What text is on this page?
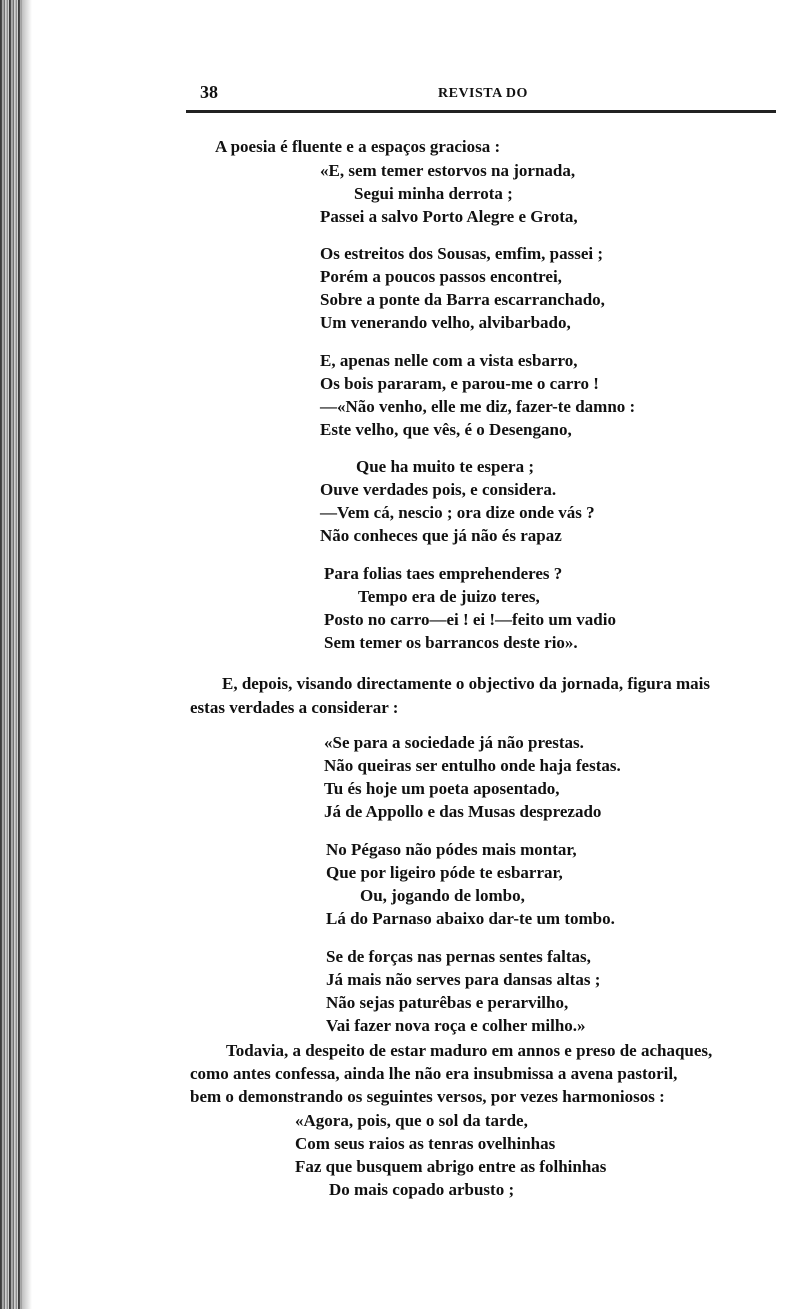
38	REVISTA DO
A poesia é fluente e a espaços graciosa :
«E, sem temer estorvos na jornada,
Segui minha derrota ;
Passei a salvo Porto Alegre e Grota,
Os estreitos dos Sousas, emfim, passei ;
Porém a poucos passos encontrei,
Sobre a ponte da Barra escarranchado,
Um venerando velho, alvibarbado,
E, apenas nelle com a vista esbarro,
Os bois pararam, e parou-me o carro !
—«Não venho, elle me diz, fazer-te damno :
Este velho, que vês, é o Desengano,
Que ha muito te espera ;
Ouve verdades pois, e considera.
—Vem cá, nescio ; ora dize onde vás ?
Não conheces que já não és rapaz
Para folias taes emprehenderes ?
Tempo era de juizo teres,
Posto no carro—ei ! ei !—feito um vadio
Sem temer os barrancos deste rio».
E, depois, visando directamente o objectivo da jornada, figura mais
estas verdades a considerar :
«Se para a sociedade já não prestas.
Não queiras ser entulho onde haja festas.
Tu és hoje um poeta aposentado,
Já de Appollo e das Musas desprezado
No Pégaso não pódes mais montar,
Que por ligeiro póde te esbarrar,
Ou, jogando de lombo,
Lá do Parnaso abaixo dar-te um tombo.
Se de forças nas pernas sentes faltas,
Já mais não serves para dansas altas ;
Não sejas paturêbas e perarvilho,
Vai fazer nova roça e colher milho.»
Todavia, a despeito de estar maduro em annos e preso de achaques,
como antes confessa, ainda lhe não era insubmissa a avena pastoril,
bem o demonstrando os seguintes versos, por vezes harmoniosos :
«Agora, pois, que o sol da tarde,
Com seus raios as tenras ovelhinhas
Faz que busquem abrigo entre as folhinhas
Do mais copado arbusto ;
